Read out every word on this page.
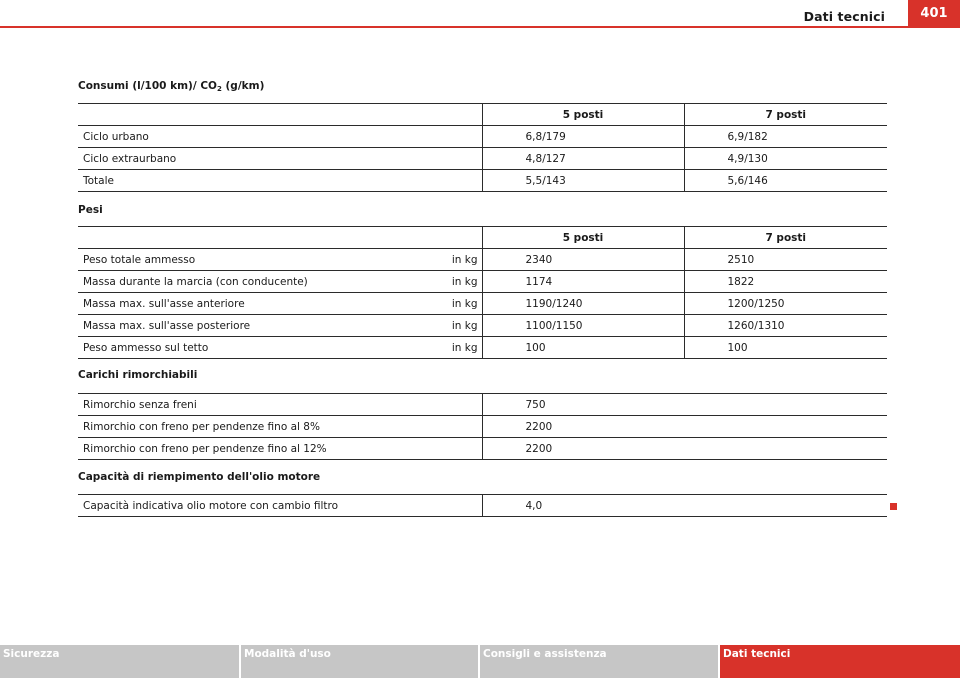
Dati tecnici	401
Consumi (l/100 km)/ $CO_2$ (g/km)
	5 posti	7 posti
Ciclo urbano	6,8/179	6,9/182
Ciclo extraurbano	4,8/127	4,9/130
Totale	5,5/143	5,6/146
Pesi
	5 posti	7 posti

Peso totale ammesso in kg	2340	2510

Massa durante la marcia (con conducente) in kg	1174	1822

Massa max. sull'asse anteriore in kg	1190/1240	1200/1250

Massa max. sull'asse posteriore in kg	1100/1150	1260/1310

Peso ammesso sul tetto in kg	100	100
Carichi rimorchiabili
Rimorchio senza freni	750
Rimorchio con freno per pendenze fino al 8%	2200
Rimorchio con freno per pendenze fino al 12%	2200
Capacità di riempimento dell'olio motore
Capacità indicativa olio motore con cambio filtro	4,0
Sicurezza	Modalità d'uso	Consigli e assistenza	Dati tecnici
